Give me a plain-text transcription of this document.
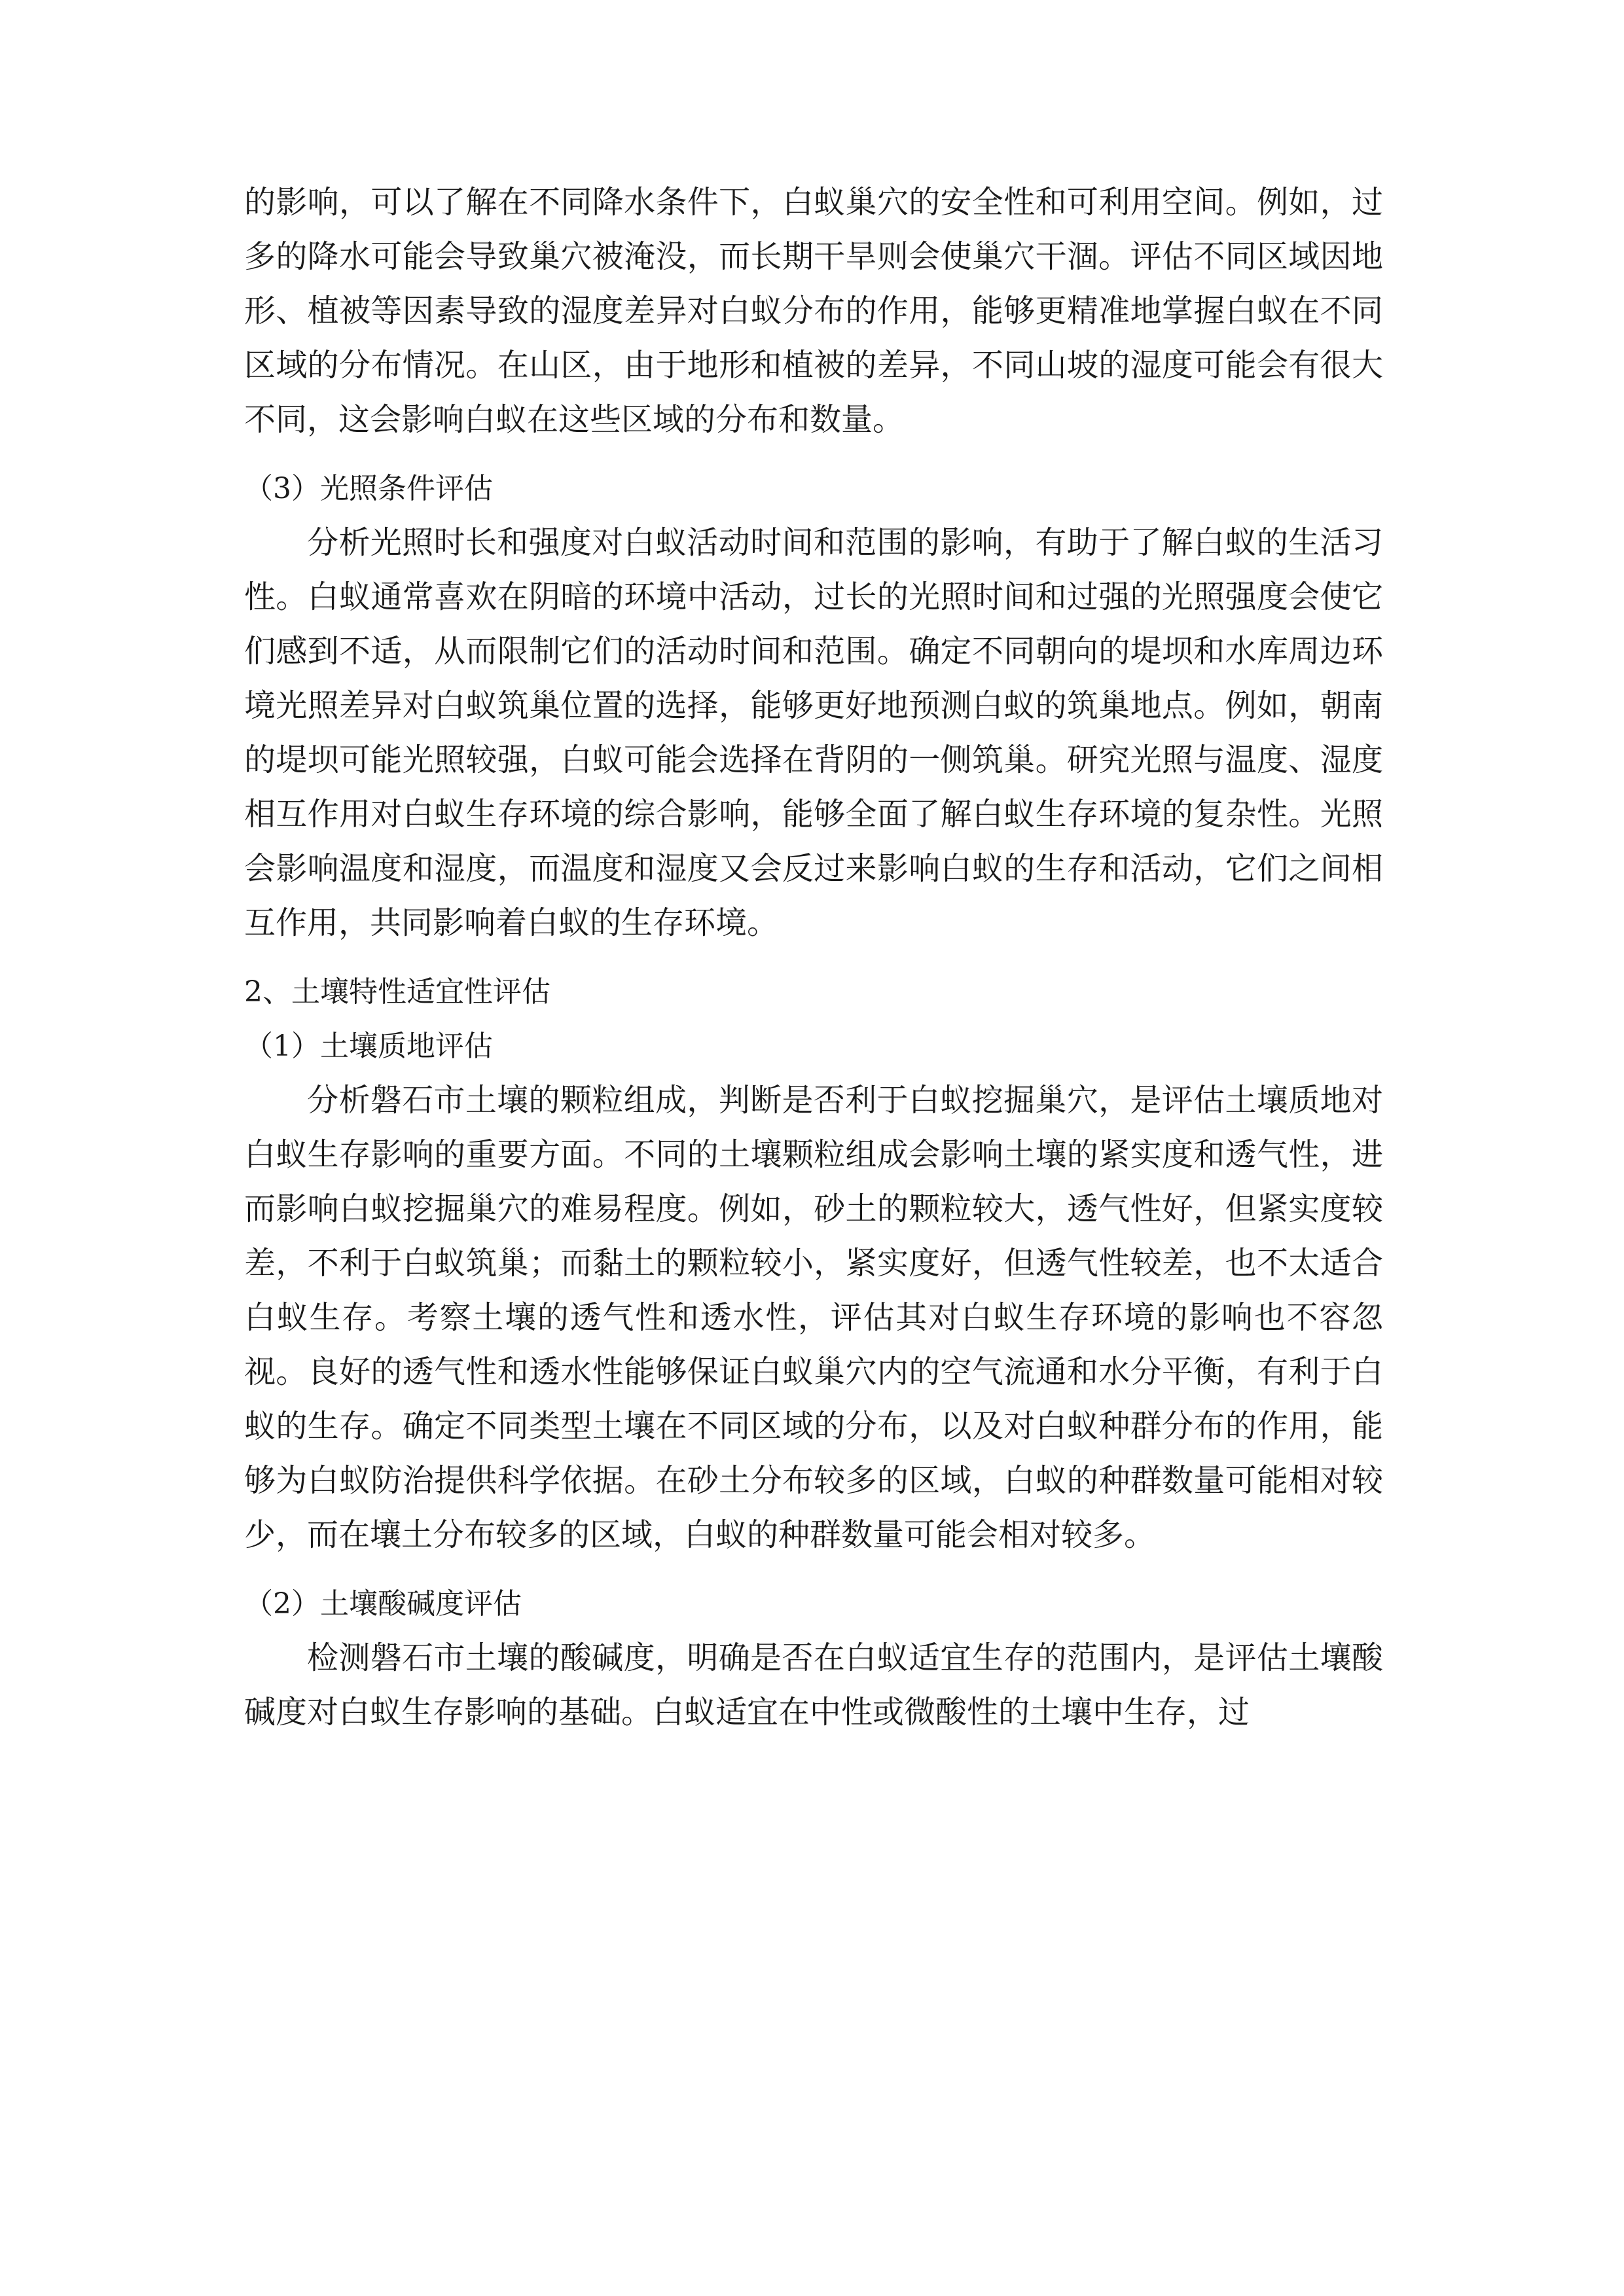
的影响，可以了解在不同降水条件下，白蚁巢穴的安全性和可利用空间。例如，过多的降水可能会导致巢穴被淹没，而长期干旱则会使巢穴干涸。评估不同区域因地形、植被等因素导致的湿度差异对白蚁分布的作用，能够更精准地掌握白蚁在不同区域的分布情况。在山区，由于地形和植被的差异，不同山坡的湿度可能会有很大不同，这会影响白蚁在这些区域的分布和数量。

（3）光照条件评估

分析光照时长和强度对白蚁活动时间和范围的影响，有助于了解白蚁的生活习性。白蚁通常喜欢在阴暗的环境中活动，过长的光照时间和过强的光照强度会使它们感到不适，从而限制它们的活动时间和范围。确定不同朝向的堤坝和水库周边环境光照差异对白蚁筑巢位置的选择，能够更好地预测白蚁的筑巢地点。例如，朝南的堤坝可能光照较强，白蚁可能会选择在背阴的一侧筑巢。研究光照与温度、湿度相互作用对白蚁生存环境的综合影响，能够全面了解白蚁生存环境的复杂性。光照会影响温度和湿度，而温度和湿度又会反过来影响白蚁的生存和活动，它们之间相互作用，共同影响着白蚁的生存环境。

2、土壤特性适宜性评估

（1）土壤质地评估

分析磐石市土壤的颗粒组成，判断是否利于白蚁挖掘巢穴，是评估土壤质地对白蚁生存影响的重要方面。不同的土壤颗粒组成会影响土壤的紧实度和透气性，进而影响白蚁挖掘巢穴的难易程度。例如，砂土的颗粒较大，透气性好，但紧实度较差，不利于白蚁筑巢；而黏土的颗粒较小，紧实度好，但透气性较差，也不太适合白蚁生存。考察土壤的透气性和透水性，评估其对白蚁生存环境的影响也不容忽视。良好的透气性和透水性能够保证白蚁巢穴内的空气流通和水分平衡，有利于白蚁的生存。确定不同类型土壤在不同区域的分布，以及对白蚁种群分布的作用，能够为白蚁防治提供科学依据。在砂土分布较多的区域，白蚁的种群数量可能相对较少，而在壤土分布较多的区域，白蚁的种群数量可能会相对较多。

（2）土壤酸碱度评估

检测磐石市土壤的酸碱度，明确是否在白蚁适宜生存的范围内，是评估土壤酸碱度对白蚁生存影响的基础。白蚁适宜在中性或微酸性的土壤中生存，过
